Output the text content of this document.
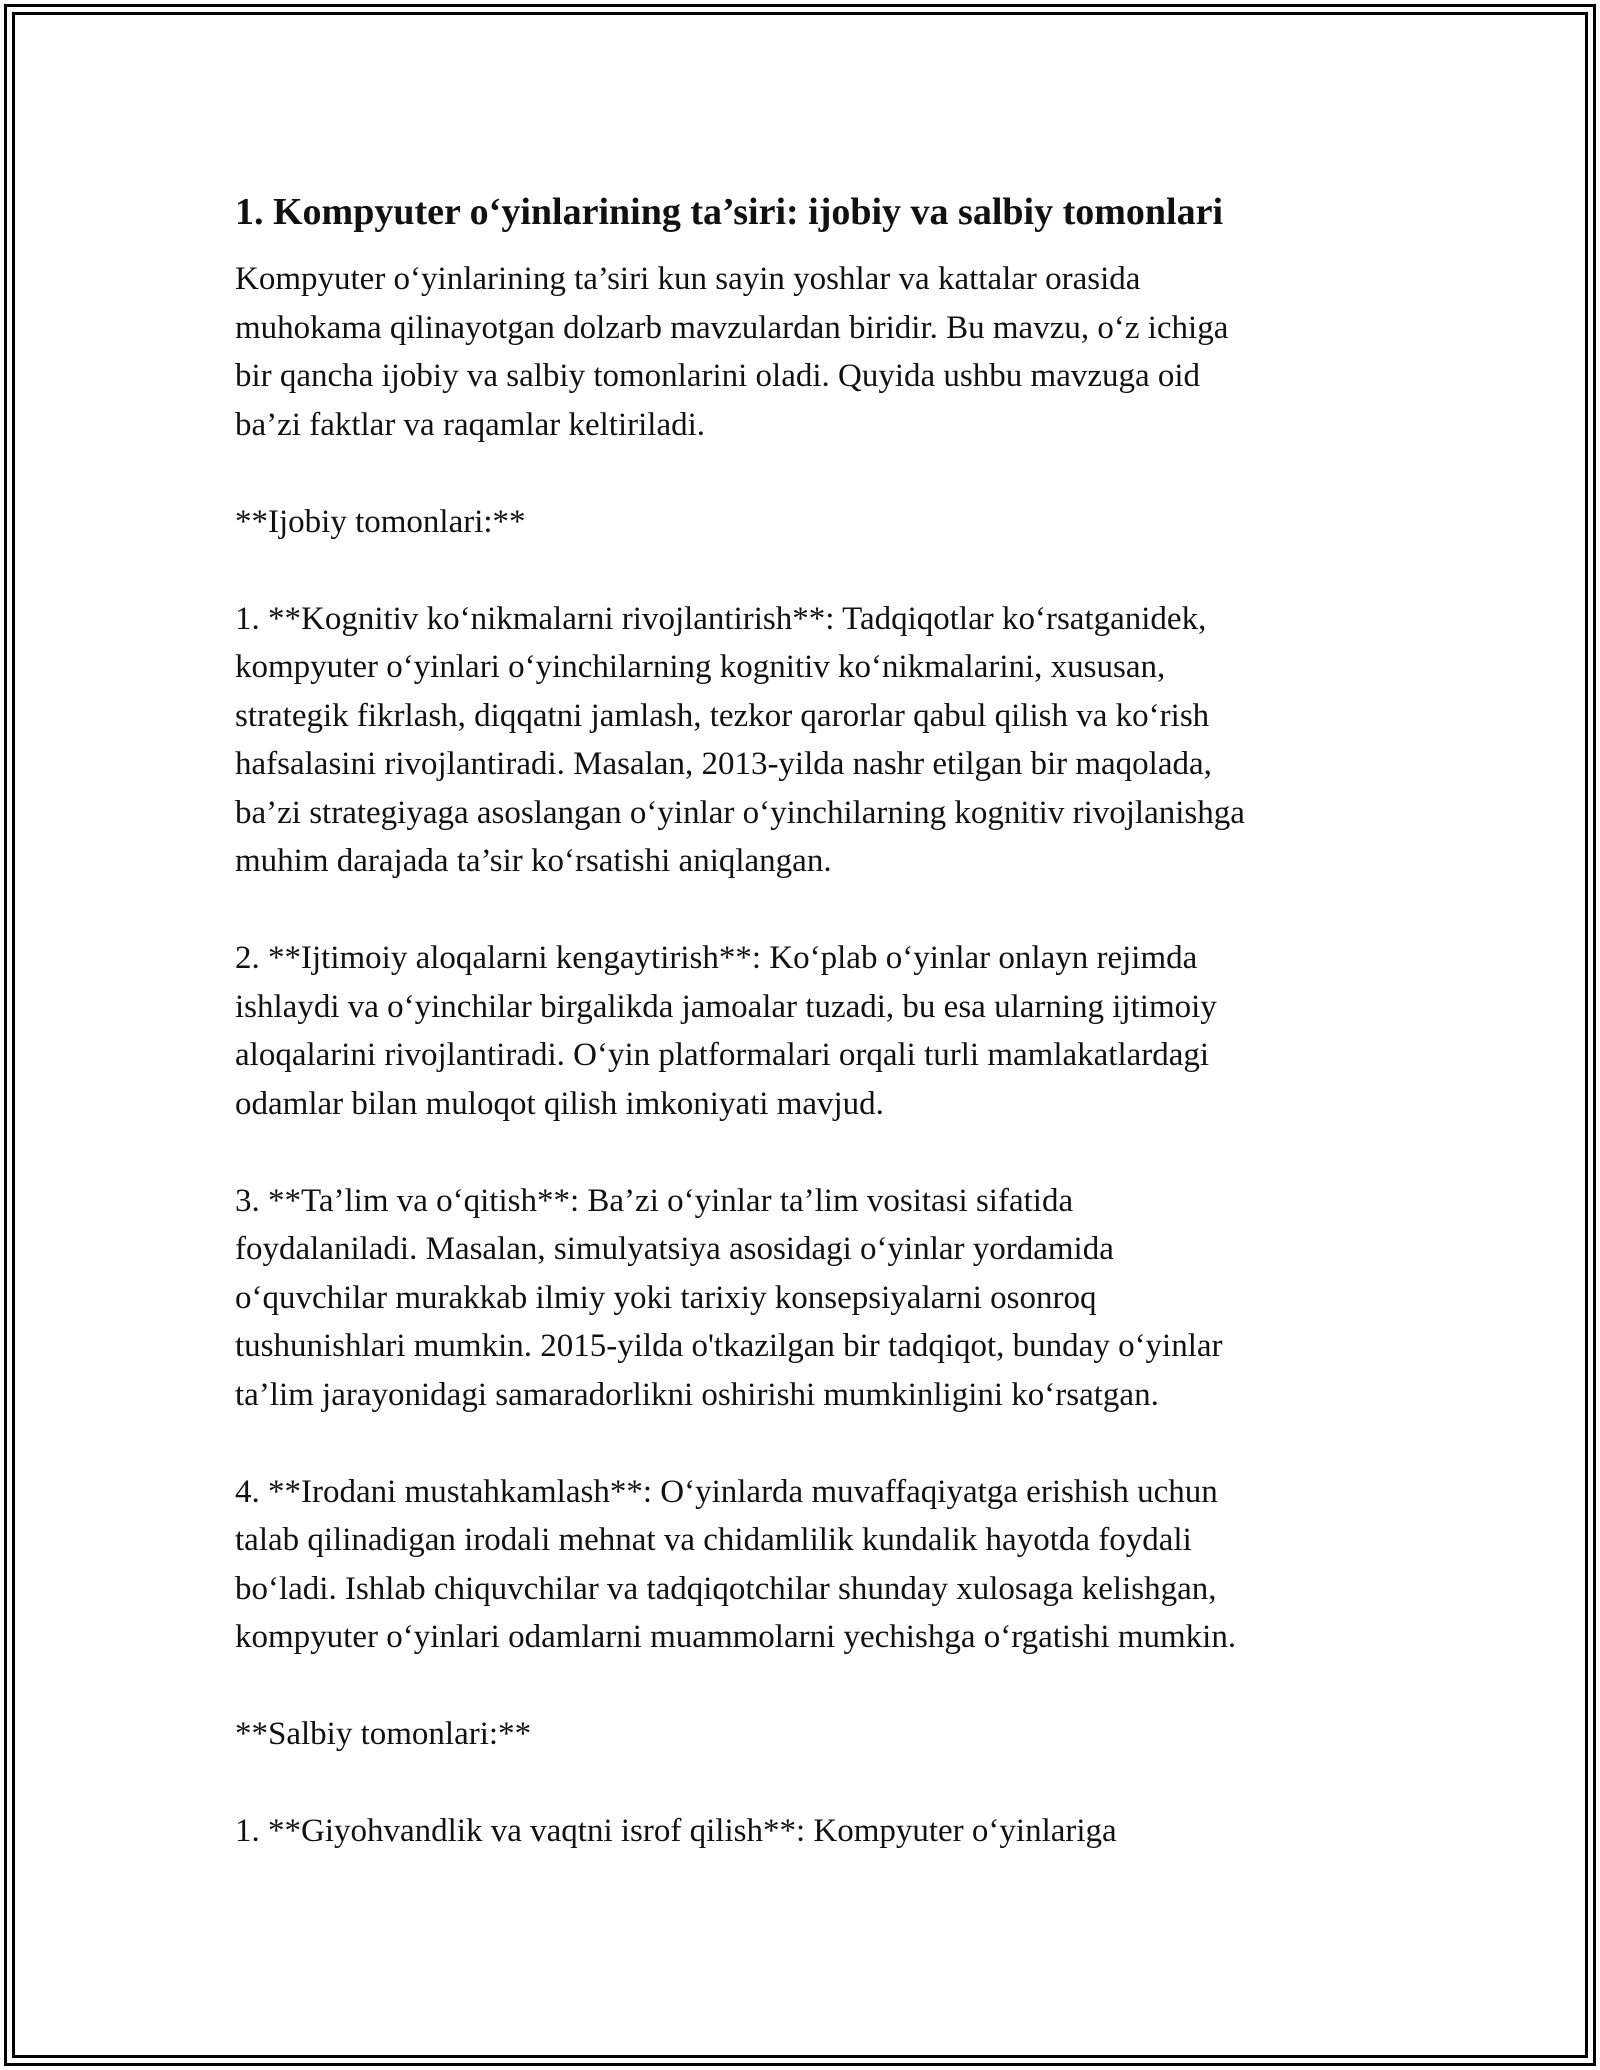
1. Kompyuter o‘yinlarining ta’siri: ijobiy va salbiy tomonlari

Kompyuter o‘yinlarining ta’siri kun sayin yoshlar va kattalar orasida
muhokama qilinayotgan dolzarb mavzulardan biridir. Bu mavzu, o‘z ichiga
bir qancha ijobiy va salbiy tomonlarini oladi. Quyida ushbu mavzuga oid
ba’zi faktlar va raqamlar keltiriladi.

**Ijobiy tomonlari:**

1. **Kognitiv ko‘nikmalarni rivojlantirish**: Tadqiqotlar ko‘rsatganidek,
kompyuter o‘yinlari o‘yinchilarning kognitiv ko‘nikmalarini, xususan,
strategik fikrlash, diqqatni jamlash, tezkor qarorlar qabul qilish va ko‘rish
hafsalasini rivojlantiradi. Masalan, 2013-yilda nashr etilgan bir maqolada,
ba’zi strategiyaga asoslangan o‘yinlar o‘yinchilarning kognitiv rivojlanishga
muhim darajada ta’sir ko‘rsatishi aniqlangan.

2. **Ijtimoiy aloqalarni kengaytirish**: Ko‘plab o‘yinlar onlayn rejimda
ishlaydi va o‘yinchilar birgalikda jamoalar tuzadi, bu esa ularning ijtimoiy
aloqalarini rivojlantiradi. O‘yin platformalari orqali turli mamlakatlardagi
odamlar bilan muloqot qilish imkoniyati mavjud.

3. **Ta’lim va o‘qitish**: Ba’zi o‘yinlar ta’lim vositasi sifatida
foydalaniladi. Masalan, simulyatsiya asosidagi o‘yinlar yordamida
o‘quvchilar murakkab ilmiy yoki tarixiy konsepsiyalarni osonroq
tushunishlari mumkin. 2015-yilda o'tkazilgan bir tadqiqot, bunday o‘yinlar
ta’lim jarayonidagi samaradorlikni oshirishi mumkinligini ko‘rsatgan.

4. **Irodani mustahkamlash**: O‘yinlarda muvaffaqiyatga erishish uchun
talab qilinadigan irodali mehnat va chidamlilik kundalik hayotda foydali
bo‘ladi. Ishlab chiquvchilar va tadqiqotchilar shunday xulosaga kelishgan,
kompyuter o‘yinlari odamlarni muammolarni yechishga o‘rgatishi mumkin.

**Salbiy tomonlari:**

1. **Giyohvandlik va vaqtni isrof qilish**: Kompyuter o‘yinlariga
